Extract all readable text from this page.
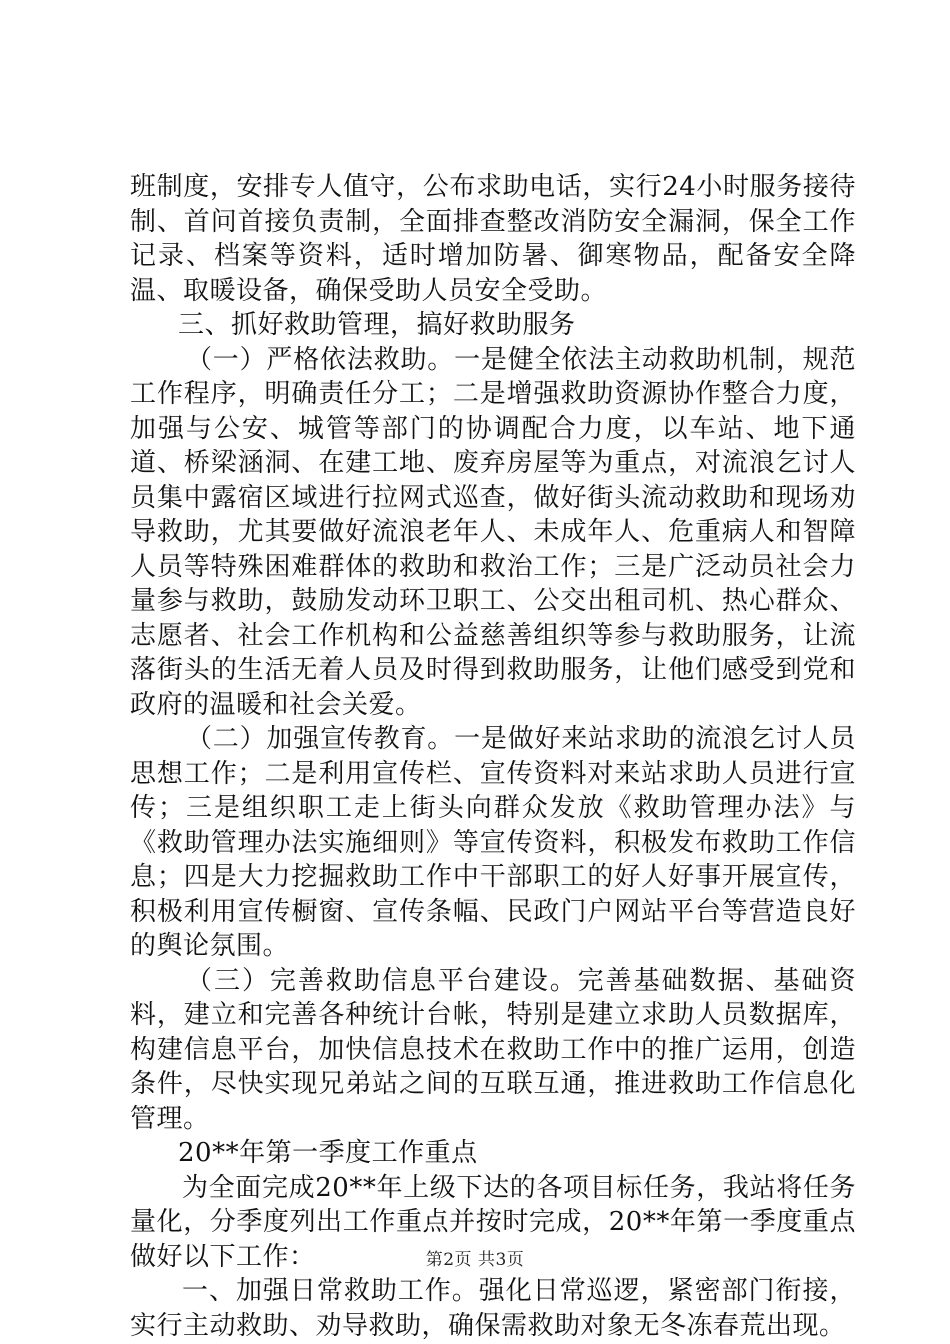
班制度，安排专人值守，公布求助电话，实行24小时服务接待制、首问首接负责制，全面排查整改消防安全漏洞，保全工作记录、档案等资料，适时增加防暑、御寒物品，配备安全降温、取暖设备，确保受助人员安全受助。

三、抓好救助管理，搞好救助服务

（一）严格依法救助。一是健全依法主动救助机制，规范工作程序，明确责任分工；二是增强救助资源协作整合力度，加强与公安、城管等部门的协调配合力度，以车站、地下通道、桥梁涵洞、在建工地、废弃房屋等为重点，对流浪乞讨人员集中露宿区域进行拉网式巡查，做好街头流动救助和现场劝导救助，尤其要做好流浪老年人、未成年人、危重病人和智障人员等特殊困难群体的救助和救治工作；三是广泛动员社会力量参与救助，鼓励发动环卫职工、公交出租司机、热心群众、志愿者、社会工作机构和公益慈善组织等参与救助服务，让流落街头的生活无着人员及时得到救助服务，让他们感受到党和政府的温暖和社会关爱。

（二）加强宣传教育。一是做好来站求助的流浪乞讨人员思想工作；二是利用宣传栏、宣传资料对来站求助人员进行宣传；三是组织职工走上街头向群众发放《救助管理办法》与《救助管理办法实施细则》等宣传资料，积极发布救助工作信息；四是大力挖掘救助工作中干部职工的好人好事开展宣传，积极利用宣传橱窗、宣传条幅、民政门户网站平台等营造良好的舆论氛围。

（三）完善救助信息平台建设。完善基础数据、基础资料，建立和完善各种统计台帐，特别是建立求助人员数据库，构建信息平台，加快信息技术在救助工作中的推广运用，创造条件，尽快实现兄弟站之间的互联互通，推进救助工作信息化管理。

20**年第一季度工作重点

为全面完成20**年上级下达的各项目标任务，我站将任务量化，分季度列出工作重点并按时完成，20**年第一季度重点做好以下工作：

一、加强日常救助工作。强化日常巡逻，紧密部门衔接，实行主动救助、劝导救助，确保需救助对象无冬冻春荒出现。

第2页 共3页
